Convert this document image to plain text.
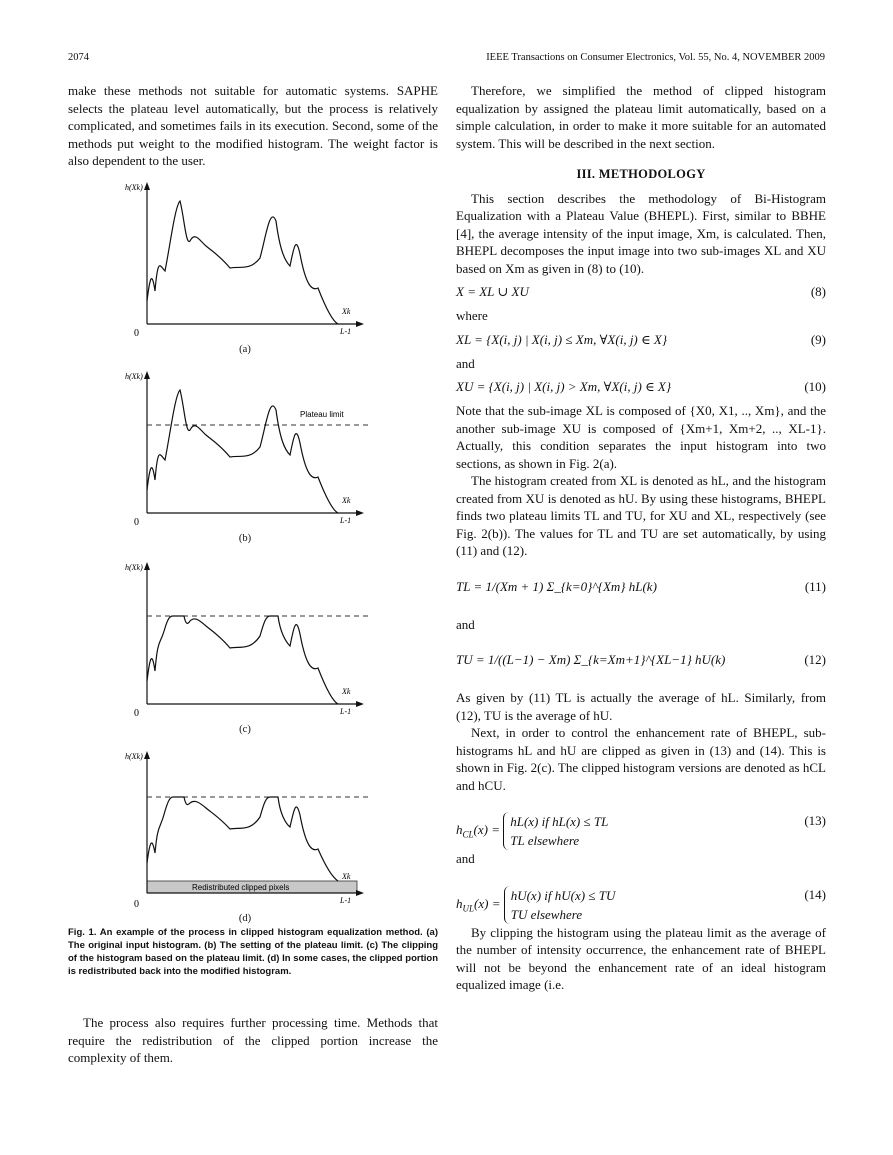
2074	IEEE Transactions on Consumer Electronics, Vol. 55, No. 4, NOVEMBER 2009

make these methods not suitable for automatic systems. SAPHE selects the plateau level automatically, but the process is relatively complicated, and sometimes fails in its execution. Second, some of the methods put weight to the modified histogram. The weight factor is also dependent to the user.

h(Xk)
Xk
0	L-1
(a)
Plateau limit
h(Xk)
Xk
0	L-1
(b)
h(Xk)
Xk
0	L-1
(c)
Redistributed clipped pixels
h(Xk)
Xk
0	L-1
(d)
Fig. 1. An example of the process in clipped histogram equalization method. (a) The original input histogram. (b) The setting of the plateau limit. (c) The clipping of the histogram based on the plateau limit. (d) In some cases, the clipped portion is redistributed back into the modified histogram.

The process also requires further processing time. Methods that require the redistribution of the clipped portion increase the complexity of them.

Therefore, we simplified the method of clipped histogram equalization by assigned the plateau limit automatically, based on a simple calculation, in order to make it more suitable for an automated system. This will be described in the next section.

III. METHODOLOGY

This section describes the methodology of Bi-Histogram Equalization with a Plateau Value (BHEPL). First, similar to BBHE [4], the average intensity of the input image, Xm, is calculated. Then, BHEPL decomposes the input image into two sub-images XL and XU based on Xm as given in (8) to (10).

X = XL ∪ XU	(8)

where

XL = {X(i, j) | X(i, j) ≤ Xm, ∀X(i, j) ∈ X}	(9)

and

XU = {X(i, j) | X(i, j) > Xm, ∀X(i, j) ∈ X}	(10)

Note that the sub-image XL is composed of {X0, X1, .., Xm}, and the another sub-image XU is composed of {Xm+1, Xm+2, .., XL-1}. Actually, this condition separates the input histogram into two sections, as shown in Fig. 2(a).

The histogram created from XL is denoted as hL, and the histogram created from XU is denoted as hU. By using these histograms, BHEPL finds two plateau limits TL and TU, for XU and XL, respectively (see Fig. 2(b)). The values for TL and TU are set automatically, by using (11) and (12).

TL = 1/(Xm + 1) Σ_{k=0}^{Xm} hL(k)	(11)

and

TU = 1/((L−1) − Xm) Σ_{k=Xm+1}^{XL−1} hU(k)	(12)

As given by (11) TL is actually the average of hL. Similarly, from (12), TU is the average of hU.

Next, in order to control the enhancement rate of BHEPL, sub-histograms hL and hU are clipped as given in (13) and (14). This is shown in Fig. 2(c). The clipped histogram versions are denoted as hCL and hCU.

$h_{CL}(x) = hL(x)$ if hL(x) ≤ TL
TL elsewhere
(13)

and

$h_{UL}(x) = hU(x)$ if hU(x) ≤ TU
TU elsewhere
(14)

By clipping the histogram using the plateau limit as the average of the number of intensity occurrence, the enhancement rate of BHEPL will not be beyond the enhancement rate of an ideal histogram equalized image (i.e.
